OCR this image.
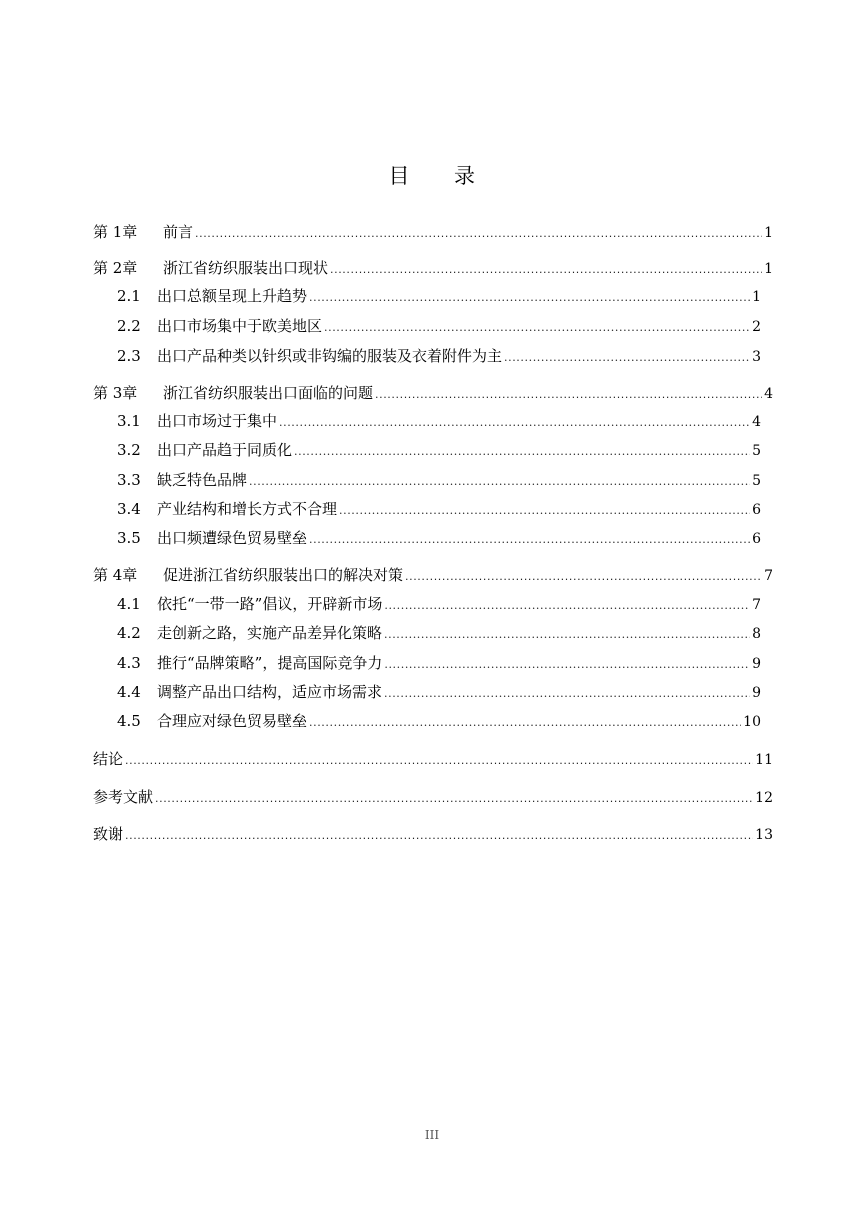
目 录
第 1章	前言 .....	1
第 2章	浙江省纺织服装出口现状 .....	1
2.1	出口总额呈现上升趋势 .....	1
2.2	出口市场集中于欧美地区 .....	2
2.3	出口产品种类以针织或非钩编的服装及衣着附件为主 .....	3
第 3章	浙江省纺织服装出口面临的问题 .....	4
3.1	出口市场过于集中 .....	4
3.2	出口产品趋于同质化 .....	5
3.3	缺乏特色品牌 .....	5
3.4	产业结构和增长方式不合理 .....	6
3.5	出口频遭绿色贸易壁垒 .....	6
第 4章	促进浙江省纺织服装出口的解决对策 .....	7
4.1	依托“一带一路”倡议，开辟新市场 .....	7
4.2	走创新之路，实施产品差异化策略 .....	8
4.3	推行“品牌策略”，提高国际竞争力 .....	9
4.4	调整产品出口结构，适应市场需求 .....	9
4.5	合理应对绿色贸易壁垒 .....	10
结论 .....	11
参考文献 .....	12
致谢 .....	13
III
